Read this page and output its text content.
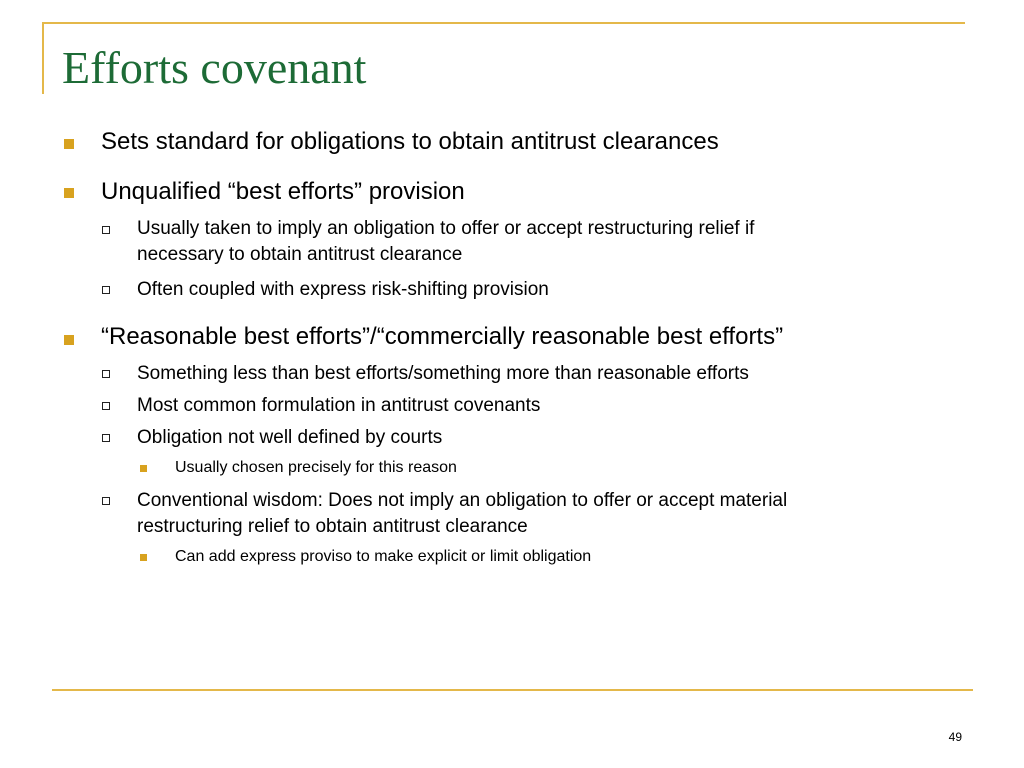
Efforts covenant
Sets standard for obligations to obtain antitrust clearances
Unqualified “best efforts” provision
Usually taken to imply an obligation to offer or accept restructuring relief if
necessary to obtain antitrust clearance
Often coupled with express risk-shifting provision
“Reasonable best efforts”/“commercially reasonable best efforts”
Something less than best efforts/something more than reasonable efforts
Most common formulation in antitrust covenants
Obligation not well defined by courts
Usually chosen precisely for this reason
Conventional wisdom: Does not imply an obligation to offer or accept material
restructuring relief to obtain antitrust clearance
Can add express proviso to make explicit or limit obligation
49
